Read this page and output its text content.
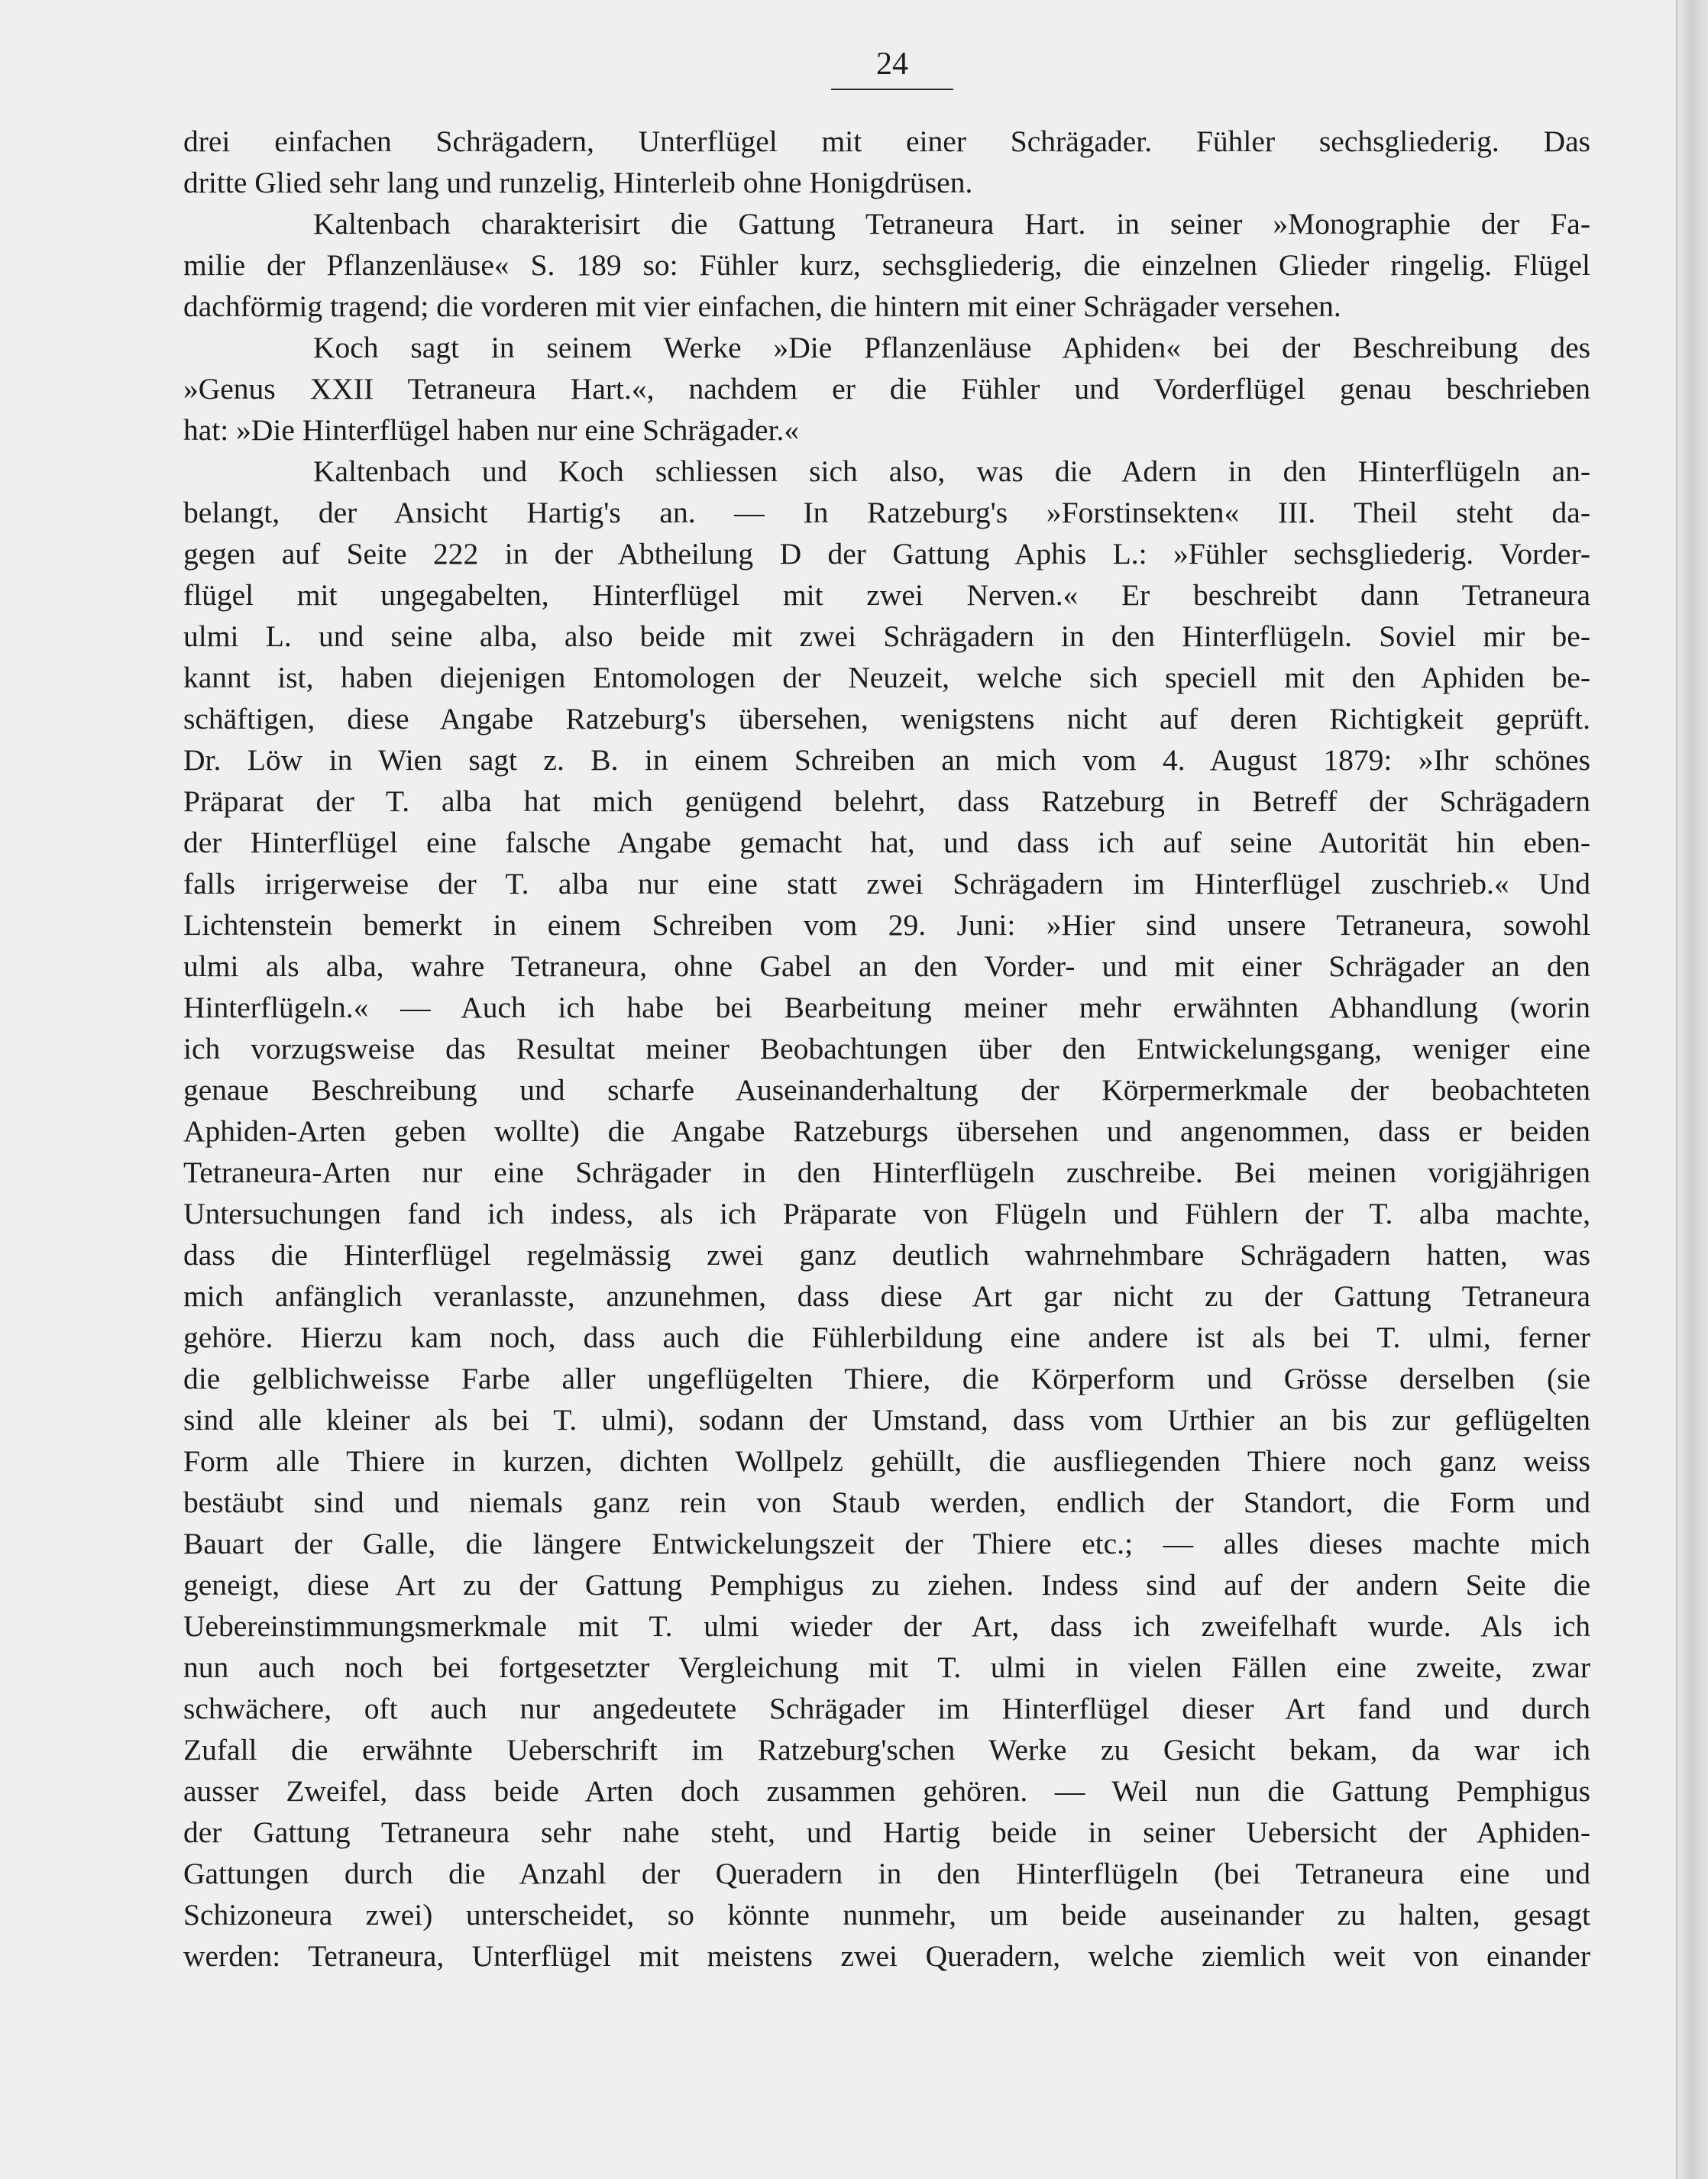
24
drei einfachen Schrägadern, Unterflügel mit einer Schrägader. Fühler sechsgliederig. Das
dritte Glied sehr lang und runzelig, Hinterleib ohne Honigdrüsen.
Kaltenbach charakterisirt die Gattung Tetraneura Hart. in seiner »Monographie der Fa-
milie der Pflanzenläuse« S. 189 so: Fühler kurz, sechsgliederig, die einzelnen Glieder ringelig. Flügel
dachförmig tragend; die vorderen mit vier einfachen, die hintern mit einer Schrägader versehen.
Koch sagt in seinem Werke »Die Pflanzenläuse Aphiden« bei der Beschreibung des
»Genus XXII Tetraneura Hart.«, nachdem er die Fühler und Vorderflügel genau beschrieben
hat: »Die Hinterflügel haben nur eine Schrägader.«
Kaltenbach und Koch schliessen sich also, was die Adern in den Hinterflügeln an-
belangt, der Ansicht Hartig's an. — In Ratzeburg's »Forstinsekten« III. Theil steht da-
gegen auf Seite 222 in der Abtheilung D der Gattung Aphis L.: »Fühler sechsgliederig. Vorder-
flügel mit ungegabelten, Hinterflügel mit zwei Nerven.« Er beschreibt dann Tetraneura
ulmi L. und seine alba, also beide mit zwei Schrägadern in den Hinterflügeln. Soviel mir be-
kannt ist, haben diejenigen Entomologen der Neuzeit, welche sich speciell mit den Aphiden be-
schäftigen, diese Angabe Ratzeburg's übersehen, wenigstens nicht auf deren Richtigkeit geprüft.
Dr. Löw in Wien sagt z. B. in einem Schreiben an mich vom 4. August 1879: »Ihr schönes
Präparat der T. alba hat mich genügend belehrt, dass Ratzeburg in Betreff der Schrägadern
der Hinterflügel eine falsche Angabe gemacht hat, und dass ich auf seine Autorität hin eben-
falls irrigerweise der T. alba nur eine statt zwei Schrägadern im Hinterflügel zuschrieb.« Und
Lichtenstein bemerkt in einem Schreiben vom 29. Juni: »Hier sind unsere Tetraneura, sowohl
ulmi als alba, wahre Tetraneura, ohne Gabel an den Vorder- und mit einer Schrägader an den
Hinterflügeln.« — Auch ich habe bei Bearbeitung meiner mehr erwähnten Abhandlung (worin
ich vorzugsweise das Resultat meiner Beobachtungen über den Entwickelungsgang, weniger eine
genaue Beschreibung und scharfe Auseinanderhaltung der Körpermerkmale der beobachteten
Aphiden-Arten geben wollte) die Angabe Ratzeburgs übersehen und angenommen, dass er beiden
Tetraneura-Arten nur eine Schrägader in den Hinterflügeln zuschreibe. Bei meinen vorigjährigen
Untersuchungen fand ich indess, als ich Präparate von Flügeln und Fühlern der T. alba machte,
dass die Hinterflügel regelmässig zwei ganz deutlich wahrnehmbare Schrägadern hatten, was
mich anfänglich veranlasste, anzunehmen, dass diese Art gar nicht zu der Gattung Tetraneura
gehöre. Hierzu kam noch, dass auch die Fühlerbildung eine andere ist als bei T. ulmi, ferner
die gelblichweisse Farbe aller ungeflügelten Thiere, die Körperform und Grösse derselben (sie
sind alle kleiner als bei T. ulmi), sodann der Umstand, dass vom Urthier an bis zur geflügelten
Form alle Thiere in kurzen, dichten Wollpelz gehüllt, die ausfliegenden Thiere noch ganz weiss
bestäubt sind und niemals ganz rein von Staub werden, endlich der Standort, die Form und
Bauart der Galle, die längere Entwickelungszeit der Thiere etc.; — alles dieses machte mich
geneigt, diese Art zu der Gattung Pemphigus zu ziehen. Indess sind auf der andern Seite die
Uebereinstimmungsmerkmale mit T. ulmi wieder der Art, dass ich zweifelhaft wurde. Als ich
nun auch noch bei fortgesetzter Vergleichung mit T. ulmi in vielen Fällen eine zweite, zwar
schwächere, oft auch nur angedeutete Schrägader im Hinterflügel dieser Art fand und durch
Zufall die erwähnte Ueberschrift im Ratzeburg'schen Werke zu Gesicht bekam, da war ich
ausser Zweifel, dass beide Arten doch zusammen gehören. — Weil nun die Gattung Pemphigus
der Gattung Tetraneura sehr nahe steht, und Hartig beide in seiner Uebersicht der Aphiden-
Gattungen durch die Anzahl der Queradern in den Hinterflügeln (bei Tetraneura eine und
Schizoneura zwei) unterscheidet, so könnte nunmehr, um beide auseinander zu halten, gesagt
werden: Tetraneura, Unterflügel mit meistens zwei Queradern, welche ziemlich weit von einander
